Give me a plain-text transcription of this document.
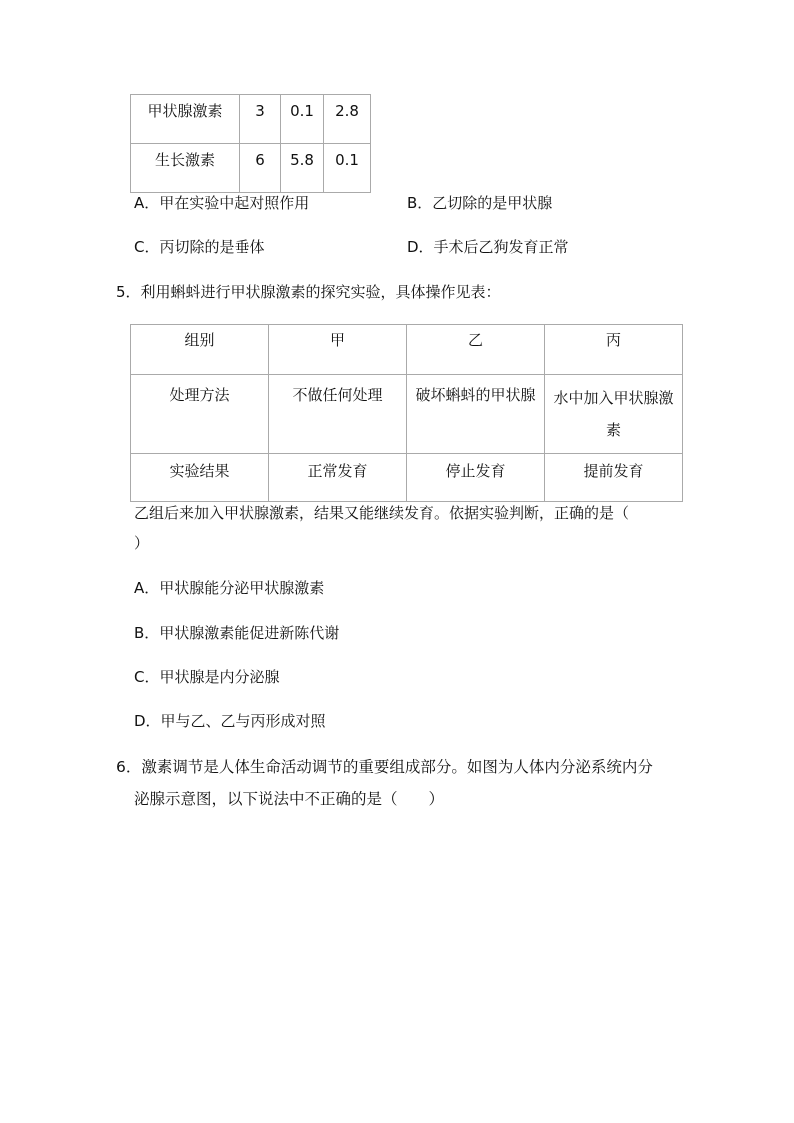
甲状腺激素	3	0.1	2.8
生长激素	6	5.8	0.1
A．甲在实验中起对照作用	B．乙切除的是甲状腺
C．丙切除的是垂体	D．手术后乙狗发育正常
5．利用蝌蚪进行甲状腺激素的探究实验，具体操作见表：
组别	甲	乙	丙

处理方法	不做任何处理	破坏蝌蚪的甲状腺	水中加入甲状腺激素

实验结果	正常发育	停止发育	提前发育
乙组后来加入甲状腺激素，结果又能继续发育。依据实验判断，正确的是（
）
A．甲状腺能分泌甲状腺激素
B．甲状腺激素能促进新陈代谢
C．甲状腺是内分泌腺
D．甲与乙、乙与丙形成对照
6．激素调节是人体生命活动调节的重要组成部分。如图为人体内分泌系统内分
泌腺示意图，以下说法中不正确的是（　　）
